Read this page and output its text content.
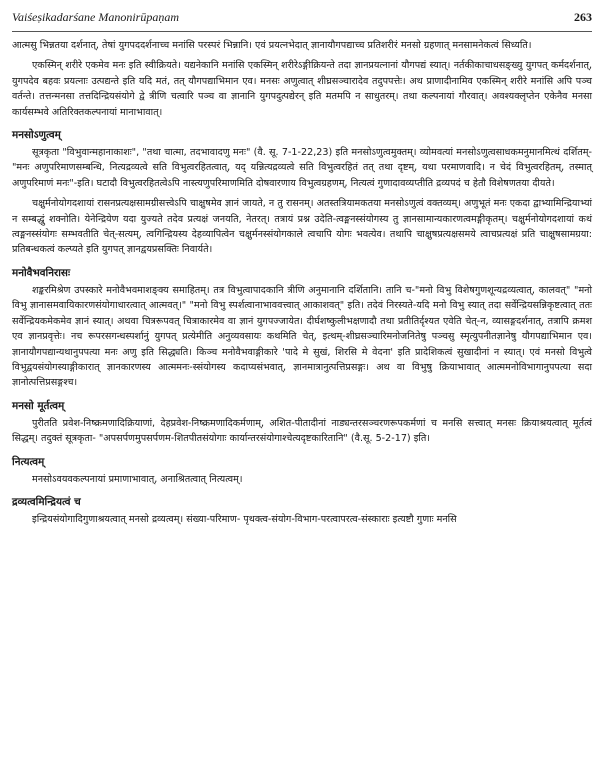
Vaiśeṣikadarśane Manonirūpaṇam	263

आत्मसु भिन्नतया दर्शनात्, तेषां युगपददर्शनाच्च मनांसि परस्परं भिन्नानि। एवं प्रयत्नभेदात् ज्ञानायौगपद्याच्च प्रतिशरीरं मनसो ग्रहणात् मनसामनेकत्वं सिध्यति।

एकस्मिन् शरीरे एकमेव मनः इति स्वीक्रियते। यद्यनेकानि मनांसि एकस्मिन् शरीरेऽङ्गीक्रियन्ते तदा ज्ञानप्रयत्नानां यौगपद्यं स्यात्। नर्तकीकाचाधसङ्ख्यु युगपत् कर्मदर्शनात्, युगपदेव बहवः प्रयत्नाः उत्पद्यन्ते इति यदि मतं, तत् यौगपद्याभिमान एव। मनसः अणुत्वात् शीघ्रसञ्चारादेव तदुपपत्तेः। अथ प्राणादीनामिव एकस्मिन् शरीरे मनांसि अपि पञ्च वर्तन्ते। तत्तन्मनसा तत्तदिन्द्रियसंयोगे द्वे त्रीणि चत्वारि पञ्च वा ज्ञानानि युगपदुत्पद्येरन् इति मतमपि न साधुतरम्। तथा कल्पनायां गौरवात्। अवश्यक्लृप्तेन एकेनैव मनसा कार्यसम्भवे अतिरिक्तकल्पनायां मानाभावात्।

मनसोऽणुत्वम्

सूत्रकृता "विभुवान्महानाकाशः", "तथा चात्मा, तदभावादणु मनः" (वै. सू. 7-1-22,23) इति मनसोऽणुत्वमुक्तम्। व्योमवत्यां मनसोऽणुत्वसाधकमनुमानमित्थं दर्शितम्- "मनः अणुपरिमाणसम्बन्धि, नित्यद्रव्यत्वे सति विभुत्वरहितत्वात्, यद् यन्नित्यद्रव्यत्वे सति विभुत्वरहितं तत् तथा दृष्टम्, यथा परमाणवादि। न चेदं विभुत्वरहितम्, तस्मात् अणुपरिमाणं मनः"-इति। घटादौ विभुत्वरहितत्वेऽपि नास्त्यणुपरिमाणमिति दोषवारणाय विभुत्वग्रहणम्, नित्यत्वं गुणादावव्यप्तीति द्रव्यपदं च हेतौ विशेषणतया दीयते।

चक्षुर्मनोयोगदशायां रासनप्रत्यक्षसामग्रीसत्त्वेऽपि चाक्षुषमेव ज्ञानं जायते, न तु रासनम्। अतस्तत्रियामकतया मनसोऽणुत्वं वक्तव्यम्। अणुभूतं मनः एकदा द्वाभ्यामिन्द्रियाभ्यां न सम्बद्धुं शक्नोति। येनेन्द्रियेण यदा युज्यते तदेव प्रत्यक्षं जनयति, नेतरत्। तत्रायं प्रश्न उदेति-त्वङ्मनस्संयोगस्य तु ज्ञानसामान्यकारणत्वमङ्गीकृतम्। चक्षुर्मनोयोगदशायां कथं त्वङ्मनस्संयोगः सम्भवतीति चेत्-सत्यम्, त्वगिन्द्रियस्य देहव्यापित्वेन चक्षुर्मनस्संयोगकाले त्वचापि योगः भवत्येव। तथापि चाक्षुषप्रत्यक्षसमये त्वाचप्रत्यक्षं प्रति चाक्षुषसामग्रया: प्रतिबन्धकत्वं कल्प्यते इति युगपत् ज्ञानद्वयप्रसक्तिः निवार्यते।

मनोवैभवनिरासः

शङ्करमिश्रेण उपस्कारे मनोवैभवमाशङ्क्य समाहितम्। तत्र विभुत्वापादकानि त्रीणि अनुमानानि दर्शितानि। तानि च-"मनो विभु विशेषगुणशून्यद्रव्यत्वात्, कालवत्" "मनो विभु ज्ञानासमवायिकारणसंयोगाधारत्वात् आत्मवत्।" "मनो विभु स्पर्शत्वानाभाववत्त्वात् आकाशवत्" इति। तदेवं निरस्यते-यदि मनो विभु स्यात् तदा सर्वेन्द्रियसन्निकृष्टत्वात् ततः सर्वेन्द्रियकमेकमेव ज्ञानं स्यात्। अथवा चित्ररूपवत् चित्राकारमेव वा ज्ञानं युगपज्जायेत। दीर्घशष्कुलीभक्षणादौ तथा प्रतीतिर्दृश्यत एवेति चेत्-न, व्यासङ्गदर्शनात्, तत्रापि क्रमश एव ज्ञानप्रवृत्तेः। नच रूपरसगन्धस्पर्शानुं युगपत् प्रत्येमीति अनुव्यवसायः कथमिति चेत्, इत्थम्-शीघ्रसञ्चारिमनोजनितेषु पञ्चसु स्मृत्युपनीतज्ञानेषु यौगपद्याभिमान एव। ज्ञानायौगपद्यान्यथानुपपत्या मनः अणु इति सिद्ध्यति। किञ्च मनोवैभवाङ्गीकारे 'पादे मे सुखं, शिरसि मे वेदना' इति प्रादेशिकत्वं सुखादीनां न स्यात्। एवं मनसो विभुत्वे विभुद्वयसंयोगस्याङ्गीकारात् ज्ञानकारणस्य आत्ममनः-स्संयोगस्य कदाप्यसंभवात्, ज्ञानमात्रानुत्पत्तिप्रसङ्गः। अथ वा विभुषु क्रियाभावात् आत्ममनोविभागानुपपत्या सदा ज्ञानोत्पत्तिप्रसङ्गश्च।

मनसो मूर्तत्वम्

पुरीतति प्रवेश-निष्क्रमणादिक्रियाणां, देहप्रवेश-निष्क्रमणादिकर्मणाम्, अशित-पीतादीनां नाड्यन्तरसञ्चरणरूपकर्मणां च मनसि सत्त्वात् मनसः क्रियाश्रयत्वात् मूर्तत्वं सिद्धम्। तदुक्तं सूत्रकृता- "अपसर्पणमुपसर्पणम-शितपीतसंयोगाः कार्यान्तरसंयोगाश्चेत्यदृष्टकारितानि" (वै.सू. 5-2-17) इति।

नित्यत्वम्

मनसोऽवयवकल्पनायां प्रमाणाभावात्, अनाश्रितत्वात् नित्यत्वम्।

द्रव्यत्वमिन्द्रियत्वं च

इन्द्रियसंयोगादिगुणाश्रयत्वात् मनसो द्रव्यत्वम्। संख्या-परिमाण- पृथक्त्व-संयोग-विभाग-परत्वापरत्व-संस्काराः इत्यष्टौ गुणाः मनसि
